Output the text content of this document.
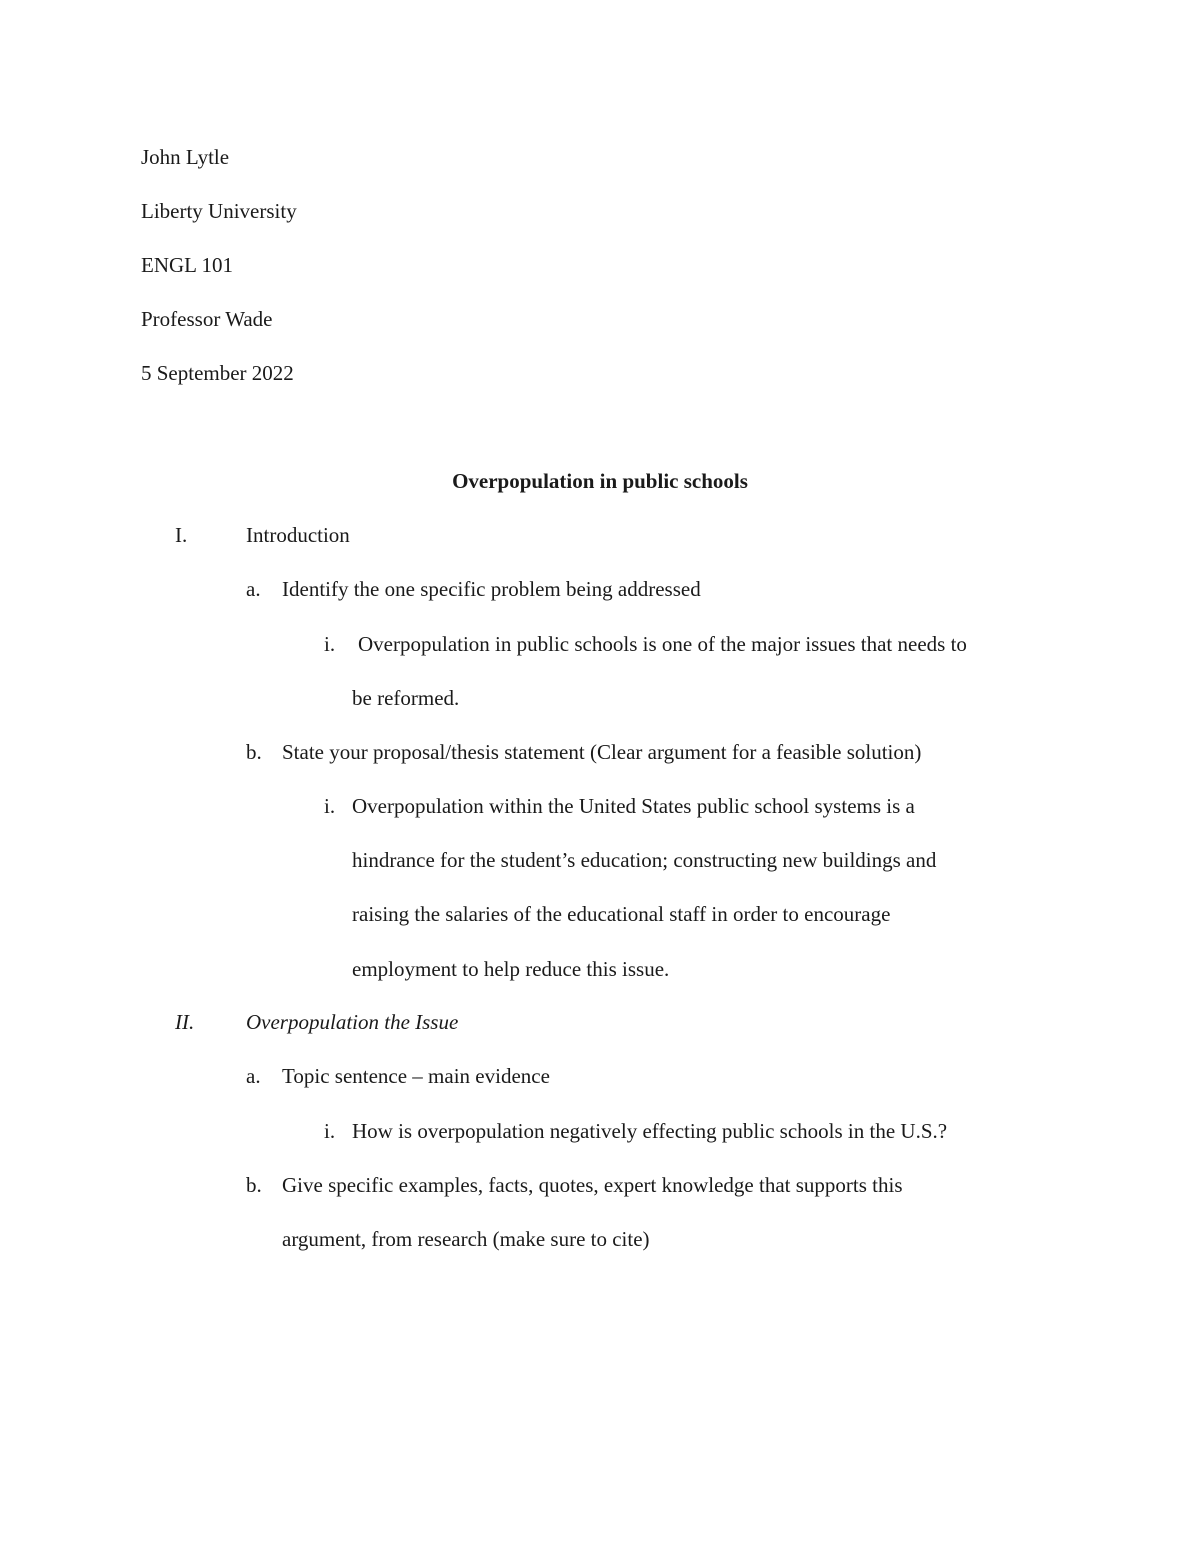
John Lytle
Liberty University
ENGL 101
Professor Wade
5 September 2022
Overpopulation in public schools
I.	Introduction
a. Identify the one specific problem being addressed
i. Overpopulation in public schools is one of the major issues that needs to
be reformed.
b. State your proposal/thesis statement (Clear argument for a feasible solution)
i. Overpopulation within the United States public school systems is a
hindrance for the student’s education; constructing new buildings and
raising the salaries of the educational staff in order to encourage
employment to help reduce this issue.
II. Overpopulation the Issue
a. Topic sentence – main evidence
i. How is overpopulation negatively effecting public schools in the U.S.?
b. Give specific examples, facts, quotes, expert knowledge that supports this
argument, from research (make sure to cite)
